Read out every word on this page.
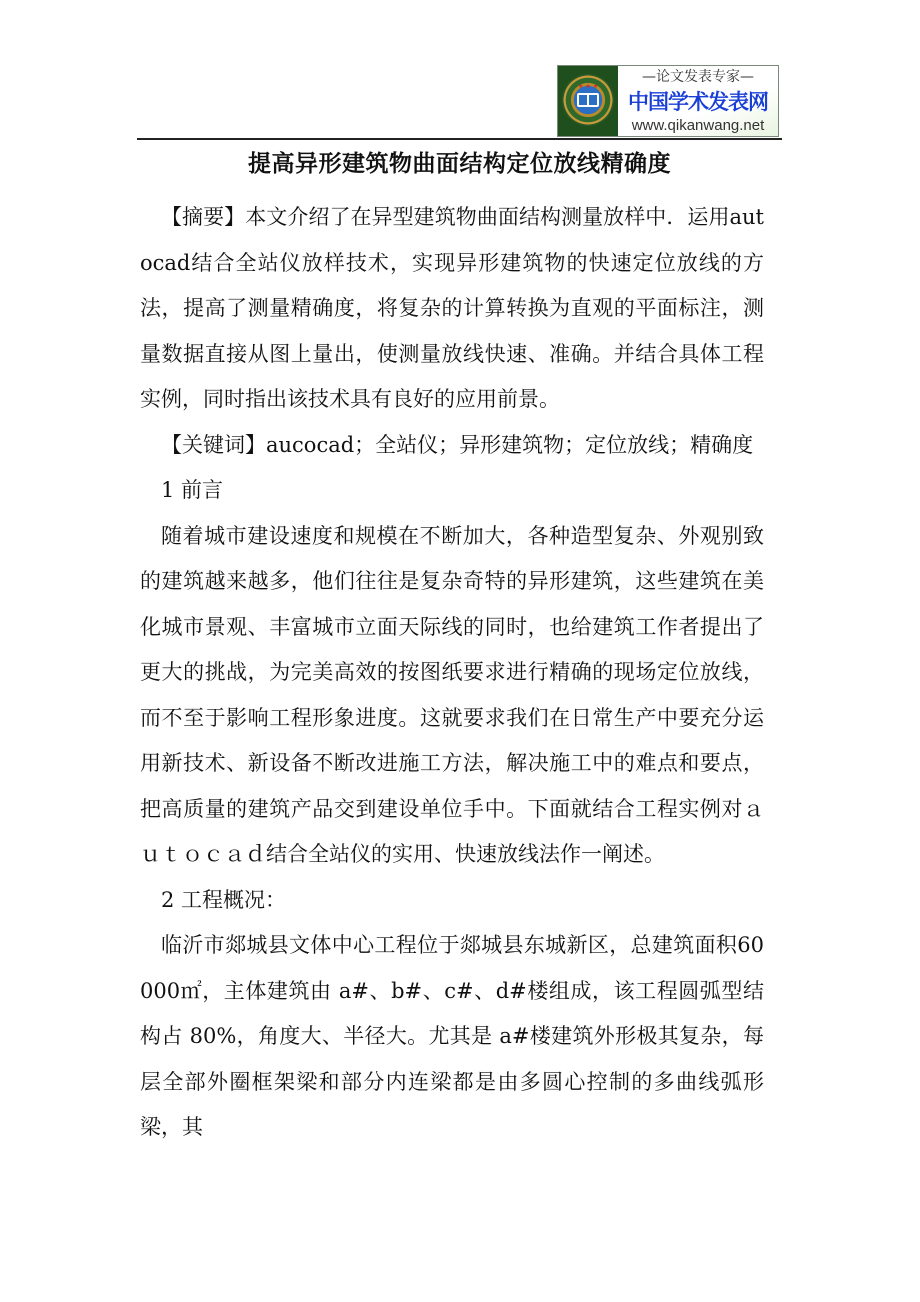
★★★
—论文发表专家—
中国学术发表网
www.qikanwang.net
提高异形建筑物曲面结构定位放线精确度

【摘要】本文介绍了在异型建筑物曲面结构测量放样中．运用autocad结合全站仪放样技术，实现异形建筑物的快速定位放线的方法，提高了测量精确度，将复杂的计算转换为直观的平面标注，测量数据直接从图上量出，使测量放线快速、准确。并结合具体工程实例，同时指出该技术具有良好的应用前景。

【关键词】aucocad；全站仪；异形建筑物；定位放线；精确度

1 前言

随着城市建设速度和规模在不断加大，各种造型复杂、外观别致的建筑越来越多，他们往往是复杂奇特的异形建筑，这些建筑在美化城市景观、丰富城市立面天际线的同时，也给建筑工作者提出了更大的挑战，为完美高效的按图纸要求进行精确的现场定位放线，而不至于影响工程形象进度。这就要求我们在日常生产中要充分运用新技术、新设备不断改进施工方法，解决施工中的难点和要点，把高质量的建筑产品交到建设单位手中。下面就结合工程实例对ａｕｔｏｃａｄ结合全站仪的实用、快速放线法作一阐述。

2 工程概况：

临沂市郯城县文体中心工程位于郯城县东城新区，总建筑面积60000㎡，主体建筑由 a#、b#、c#、d#楼组成，该工程圆弧型结构占 80%，角度大、半径大。尤其是 a#楼建筑外形极其复杂，每层全部外圈框架梁和部分内连梁都是由多圆心控制的多曲线弧形梁，其
